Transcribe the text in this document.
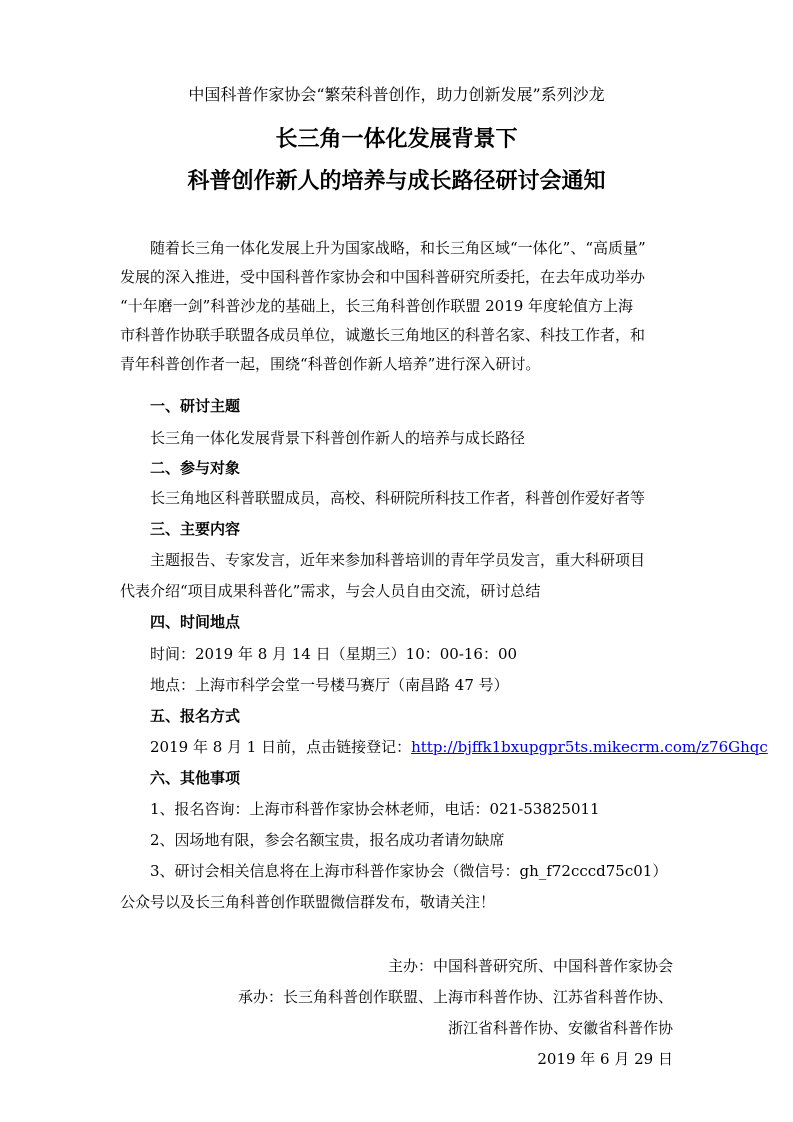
中国科普作家协会“繁荣科普创作，助力创新发展”系列沙龙
长三角一体化发展背景下
科普创作新人的培养与成长路径研讨会通知

随着长三角一体化发展上升为国家战略，和长三角区域“一体化”、“高质量”

发展的深入推进，受中国科普作家协会和中国科普研究所委托，在去年成功举办

“十年磨一剑”科普沙龙的基础上，长三角科普创作联盟 2019 年度轮值方上海

市科普作协联手联盟各成员单位，诚邀长三角地区的科普名家、科技工作者，和

青年科普创作者一起，围绕“科普创作新人培养”进行深入研讨。

一、研讨主题
长三角一体化发展背景下科普创作新人的培养与成长路径
二、参与对象
长三角地区科普联盟成员，高校、科研院所科技工作者，科普创作爱好者等
三、主要内容
主题报告、专家发言，近年来参加科普培训的青年学员发言，重大科研项目
代表介绍“项目成果科普化”需求，与会人员自由交流，研讨总结
四、时间地点
时间：2019 年 8 月 14 日（星期三）10：00-16：00
地点：上海市科学会堂一号楼马赛厅（南昌路 47 号）
五、报名方式
2019 年 8 月 1 日前，点击链接登记：http://bjffk1bxupgpr5ts.mikecrm.com/z76Ghqc
六、其他事项
1、报名咨询：上海市科普作家协会林老师，电话：021-53825011
2、因场地有限，参会名额宝贵，报名成功者请勿缺席
3、研讨会相关信息将在上海市科普作家协会（微信号：gh_f72cccd75c01）
公众号以及长三角科普创作联盟微信群发布，敬请关注！
主办：中国科普研究所、中国科普作家协会
承办：长三角科普创作联盟、上海市科普作协、江苏省科普作协、
浙江省科普作协、安徽省科普作协
2019 年 6 月 29 日
